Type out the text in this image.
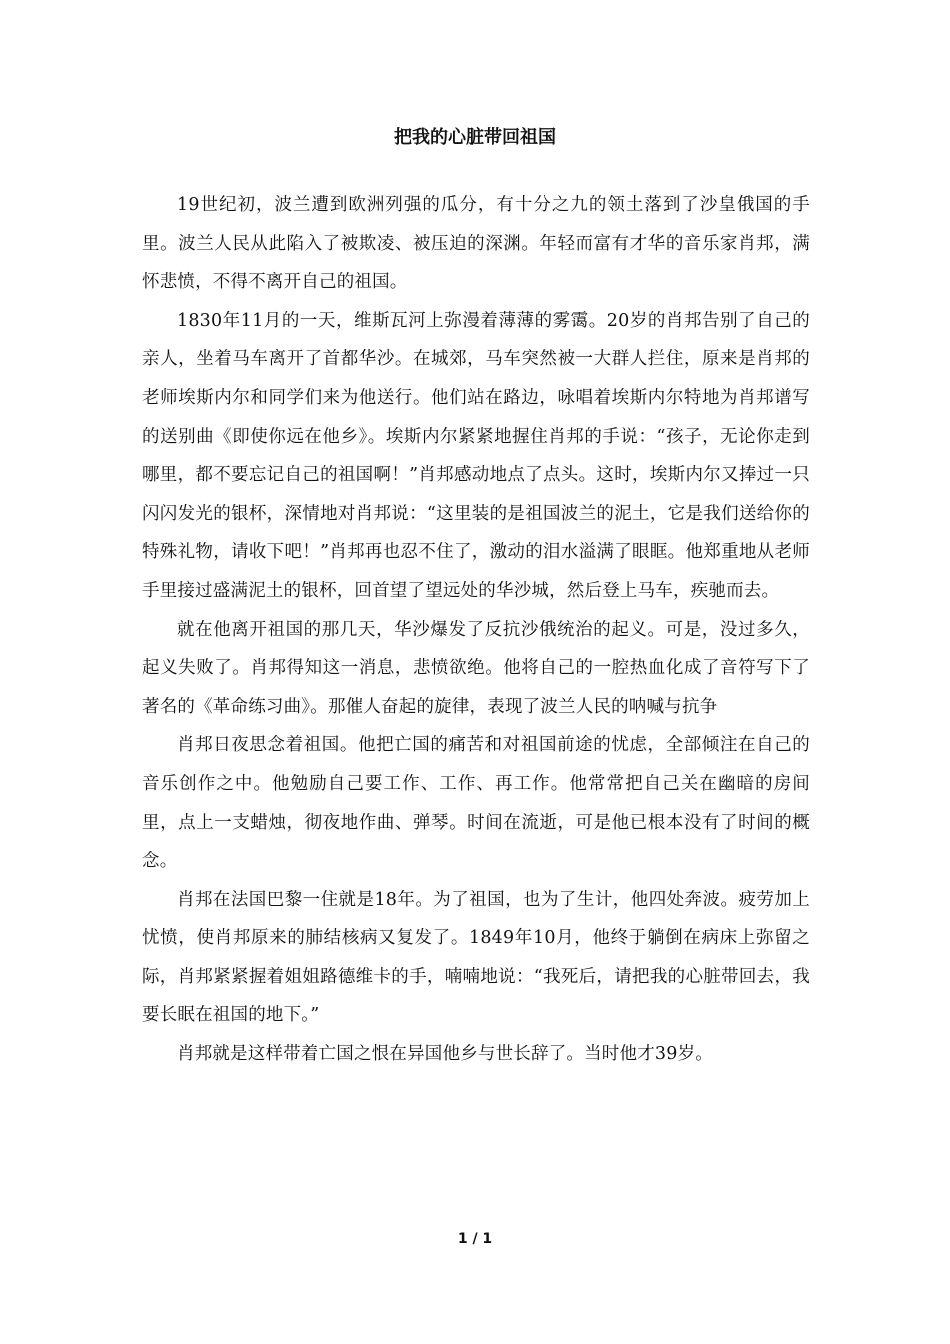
把我的心脏带回祖国

19世纪初，波兰遭到欧洲列强的瓜分，有十分之九的领土落到了沙皇俄国的手里。波兰人民从此陷入了被欺凌、被压迫的深渊。年轻而富有才华的音乐家肖邦，满怀悲愤，不得不离开自己的祖国。

1830年11月的一天，维斯瓦河上弥漫着薄薄的雾霭。20岁的肖邦告别了自己的亲人，坐着马车离开了首都华沙。在城郊，马车突然被一大群人拦住，原来是肖邦的老师埃斯内尔和同学们来为他送行。他们站在路边，咏唱着埃斯内尔特地为肖邦谱写的送别曲《即使你远在他乡》。埃斯内尔紧紧地握住肖邦的手说：“孩子，无论你走到哪里，都不要忘记自己的祖国啊！”肖邦感动地点了点头。这时，埃斯内尔又捧过一只闪闪发光的银杯，深情地对肖邦说：“这里装的是祖国波兰的泥土，它是我们送给你的特殊礼物，请收下吧！”肖邦再也忍不住了，激动的泪水溢满了眼眶。他郑重地从老师手里接过盛满泥土的银杯，回首望了望远处的华沙城，然后登上马车，疾驰而去。

就在他离开祖国的那几天，华沙爆发了反抗沙俄统治的起义。可是，没过多久，起义失败了。肖邦得知这一消息，悲愤欲绝。他将自己的一腔热血化成了音符写下了著名的《革命练习曲》。那催人奋起的旋律，表现了波兰人民的呐喊与抗争

肖邦日夜思念着祖国。他把亡国的痛苦和对祖国前途的忧虑，全部倾注在自己的音乐创作之中。他勉励自己要工作、工作、再工作。他常常把自己关在幽暗的房间里，点上一支蜡烛，彻夜地作曲、弹琴。时间在流逝，可是他已根本没有了时间的概念。

肖邦在法国巴黎一住就是18年。为了祖国，也为了生计，他四处奔波。疲劳加上忧愤，使肖邦原来的肺结核病又复发了。1849年10月，他终于躺倒在病床上弥留之际，肖邦紧紧握着姐姐路德维卡的手，喃喃地说：“我死后，请把我的心脏带回去，我要长眠在祖国的地下。”

肖邦就是这样带着亡国之恨在异国他乡与世长辞了。当时他才39岁。

1 / 1
